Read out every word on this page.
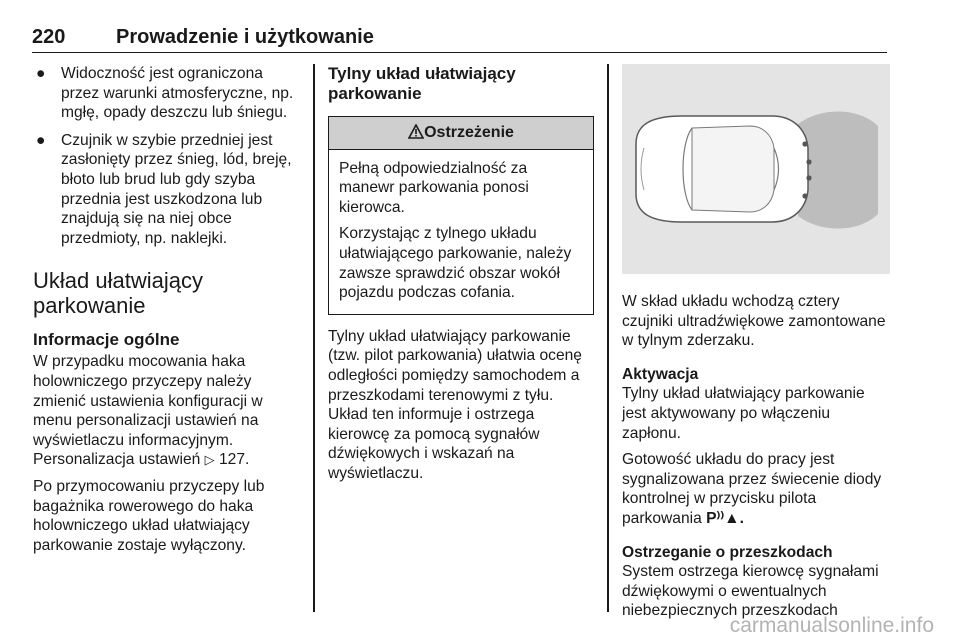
220	Prowadzenie i użytkowanie
● Widoczność jest ograniczona przez warunki atmosferyczne, np. mgłę, opady deszczu lub śniegu.
● Czujnik w szybie przedniej jest zasłonięty przez śnieg, lód, breję, błoto lub brud lub gdy szyba przednia jest uszkodzona lub znajdują się na niej obce przedmioty, np. naklejki.
Układ ułatwiający parkowanie
Informacje ogólne

W przypadku mocowania haka holowniczego przyczepy należy zmienić ustawienia konfiguracji w menu personalizacji ustawień na wyświetlaczu informacyjnym. Personalizacja ustawień ▷ 127.

Po przymocowaniu przyczepy lub bagażnika rowerowego do haka holowniczego układ ułatwiający parkowanie zostaje wyłączony.

Tylny układ ułatwiający parkowanie
Ostrzeżenie

Pełną odpowiedzialność za manewr parkowania ponosi kierowca.

Korzystając z tylnego układu ułatwiającego parkowanie, należy zawsze sprawdzić obszar wokół pojazdu podczas cofania.

Tylny układ ułatwiający parkowanie (tzw. pilot parkowania) ułatwia ocenę odległości pomiędzy samochodem a przeszkodami terenowymi z tyłu. Układ ten informuje i ostrzega kierowcę za pomocą sygnałów dźwiękowych i wskazań na wyświetlaczu.

W skład układu wchodzą cztery czujniki ultradźwiękowe zamontowane w tylnym zderzaku.

Aktywacja

Tylny układ ułatwiający parkowanie jest aktywowany po włączeniu zapłonu.

Gotowość układu do pracy jest sygnalizowana przez świecenie diody kontrolnej w przycisku pilota parkowania P⁾⁾▲.

Ostrzeganie o przeszkodach

System ostrzega kierowcę sygnałami dźwiękowymi o ewentualnych niebezpiecznych przeszkodach

carmanualsonline.info
